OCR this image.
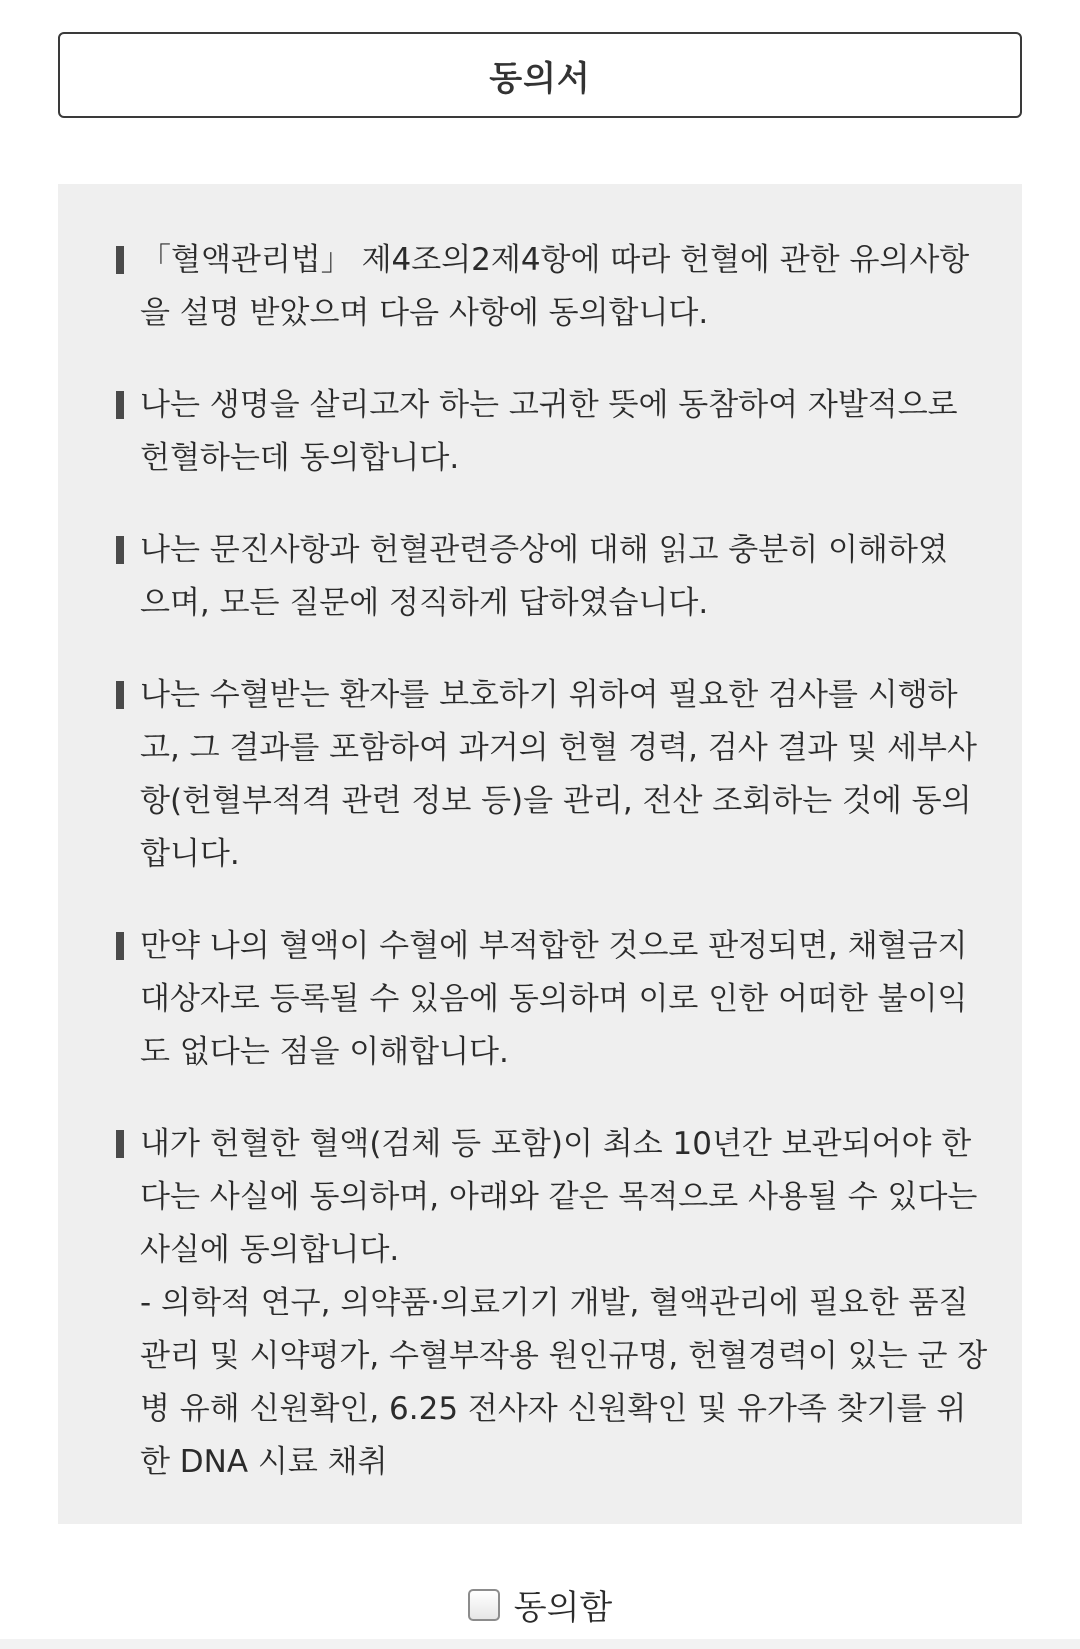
동의서
「혈액관리법」 제4조의2제4항에 따라 헌혈에 관한 유의사항
을 설명 받았으며 다음 사항에 동의합니다.
나는 생명을 살리고자 하는 고귀한 뜻에 동참하여 자발적으로
헌혈하는데 동의합니다.
나는 문진사항과 헌혈관련증상에 대해 읽고 충분히 이해하였
으며, 모든 질문에 정직하게 답하였습니다.
나는 수혈받는 환자를 보호하기 위하여 필요한 검사를 시행하
고, 그 결과를 포함하여 과거의 헌혈 경력, 검사 결과 및 세부사
항(헌혈부적격 관련 정보 등)을 관리, 전산 조회하는 것에 동의
합니다.
만약 나의 혈액이 수혈에 부적합한 것으로 판정되면, 채혈금지
대상자로 등록될 수 있음에 동의하며 이로 인한 어떠한 불이익
도 없다는 점을 이해합니다.
내가 헌혈한 혈액(검체 등 포함)이 최소 10년간 보관되어야 한
다는 사실에 동의하며, 아래와 같은 목적으로 사용될 수 있다는
사실에 동의합니다.
- 의학적 연구, 의약품·의료기기 개발, 혈액관리에 필요한 품질
관리 및 시약평가, 수혈부작용 원인규명, 헌혈경력이 있는 군 장
병 유해 신원확인, 6.25 전사자 신원확인 및 유가족 찾기를 위
한 DNA 시료 채취
동의함
